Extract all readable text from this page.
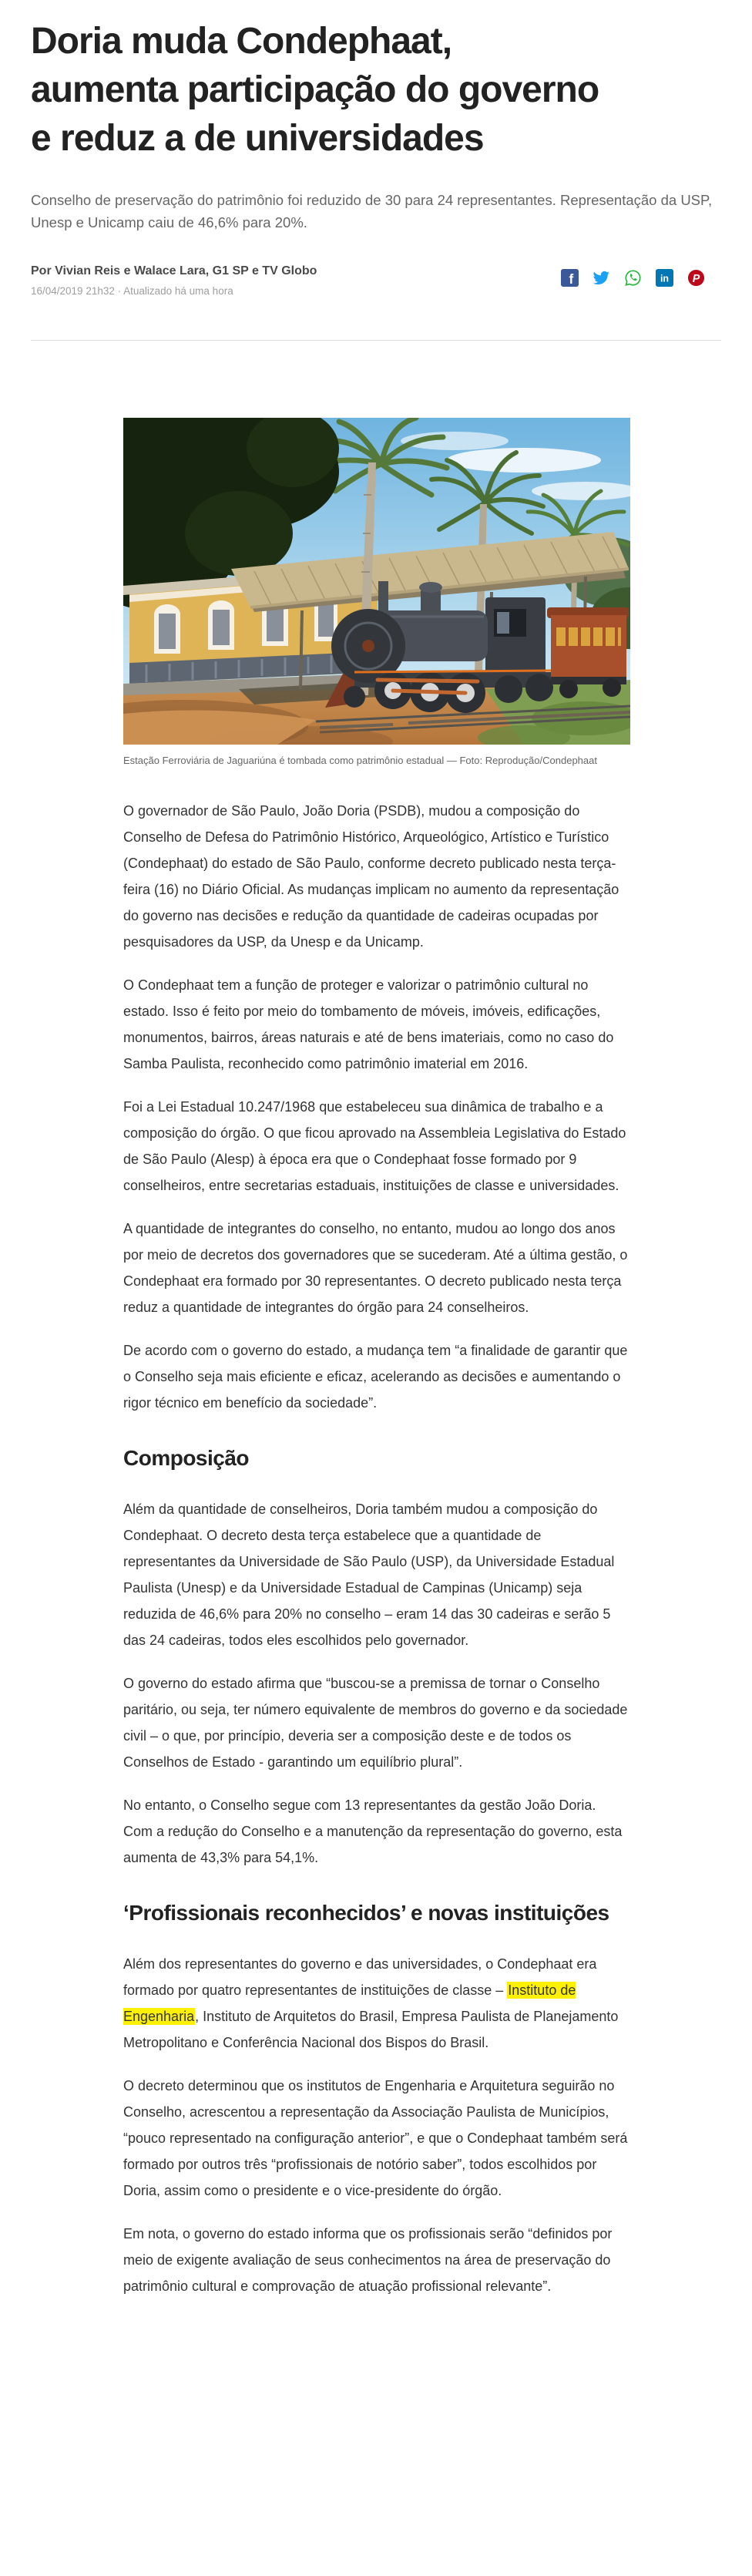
Doria muda Condephaat,
aumenta participação do governo
e reduz a de universidades

Conselho de preservação do patrimônio foi reduzido de 30 para 24 representantes. Representação da USP, Unesp e Unicamp caiu de 46,6% para 20%.

Por Vivian Reis e Walace Lara, G1 SP e TV Globo

16/04/2019 21h32 · Atualizado há uma hora

f	in P
Estação Ferroviária de Jaguariúna é tombada como patrimônio estadual — Foto: Reprodução/Condephaat

O governador de São Paulo, João Doria (PSDB), mudou a composição do Conselho de Defesa do Patrimônio Histórico, Arqueológico, Artístico e Turístico (Condephaat) do estado de São Paulo, conforme decreto publicado nesta terça-feira (16) no Diário Oficial. As mudanças implicam no aumento da representação do governo nas decisões e redução da quantidade de cadeiras ocupadas por pesquisadores da USP, da Unesp e da Unicamp.

O Condephaat tem a função de proteger e valorizar o patrimônio cultural no estado. Isso é feito por meio do tombamento de móveis, imóveis, edificações, monumentos, bairros, áreas naturais e até de bens imateriais, como no caso do Samba Paulista, reconhecido como patrimônio imaterial em 2016.

Foi a Lei Estadual 10.247/1968 que estabeleceu sua dinâmica de trabalho e a composição do órgão. O que ficou aprovado na Assembleia Legislativa do Estado de São Paulo (Alesp) à época era que o Condephaat fosse formado por 9 conselheiros, entre secretarias estaduais, instituições de classe e universidades.

A quantidade de integrantes do conselho, no entanto, mudou ao longo dos anos por meio de decretos dos governadores que se sucederam. Até a última gestão, o Condephaat era formado por 30 representantes. O decreto publicado nesta terça reduz a quantidade de integrantes do órgão para 24 conselheiros.

De acordo com o governo do estado, a mudança tem “a finalidade de garantir que o Conselho seja mais eficiente e eficaz, acelerando as decisões e aumentando o rigor técnico em benefício da sociedade”.

Composição

Além da quantidade de conselheiros, Doria também mudou a composição do Condephaat. O decreto desta terça estabelece que a quantidade de representantes da Universidade de São Paulo (USP), da Universidade Estadual Paulista (Unesp) e da Universidade Estadual de Campinas (Unicamp) seja reduzida de 46,6% para 20% no conselho – eram 14 das 30 cadeiras e serão 5 das 24 cadeiras, todos eles escolhidos pelo governador.

O governo do estado afirma que “buscou-se a premissa de tornar o Conselho paritário, ou seja, ter número equivalente de membros do governo e da sociedade civil – o que, por princípio, deveria ser a composição deste e de todos os Conselhos de Estado - garantindo um equilíbrio plural”.

No entanto, o Conselho segue com 13 representantes da gestão João Doria. Com a redução do Conselho e a manutenção da representação do governo, esta aumenta de 43,3% para 54,1%.

‘Profissionais reconhecidos’ e novas instituições

Além dos representantes do governo e das universidades, o Condephaat era formado por quatro representantes de instituições de classe – Instituto de Engenharia, Instituto de Arquitetos do Brasil, Empresa Paulista de Planejamento Metropolitano e Conferência Nacional dos Bispos do Brasil.

O decreto determinou que os institutos de Engenharia e Arquitetura seguirão no Conselho, acrescentou a representação da Associação Paulista de Municípios, “pouco representado na configuração anterior”, e que o Condephaat também será formado por outros três “profissionais de notório saber”, todos escolhidos por Doria, assim como o presidente e o vice-presidente do órgão.

Em nota, o governo do estado informa que os profissionais serão “definidos por meio de exigente avaliação de seus conhecimentos na área de preservação do patrimônio cultural e comprovação de atuação profissional relevante”.
